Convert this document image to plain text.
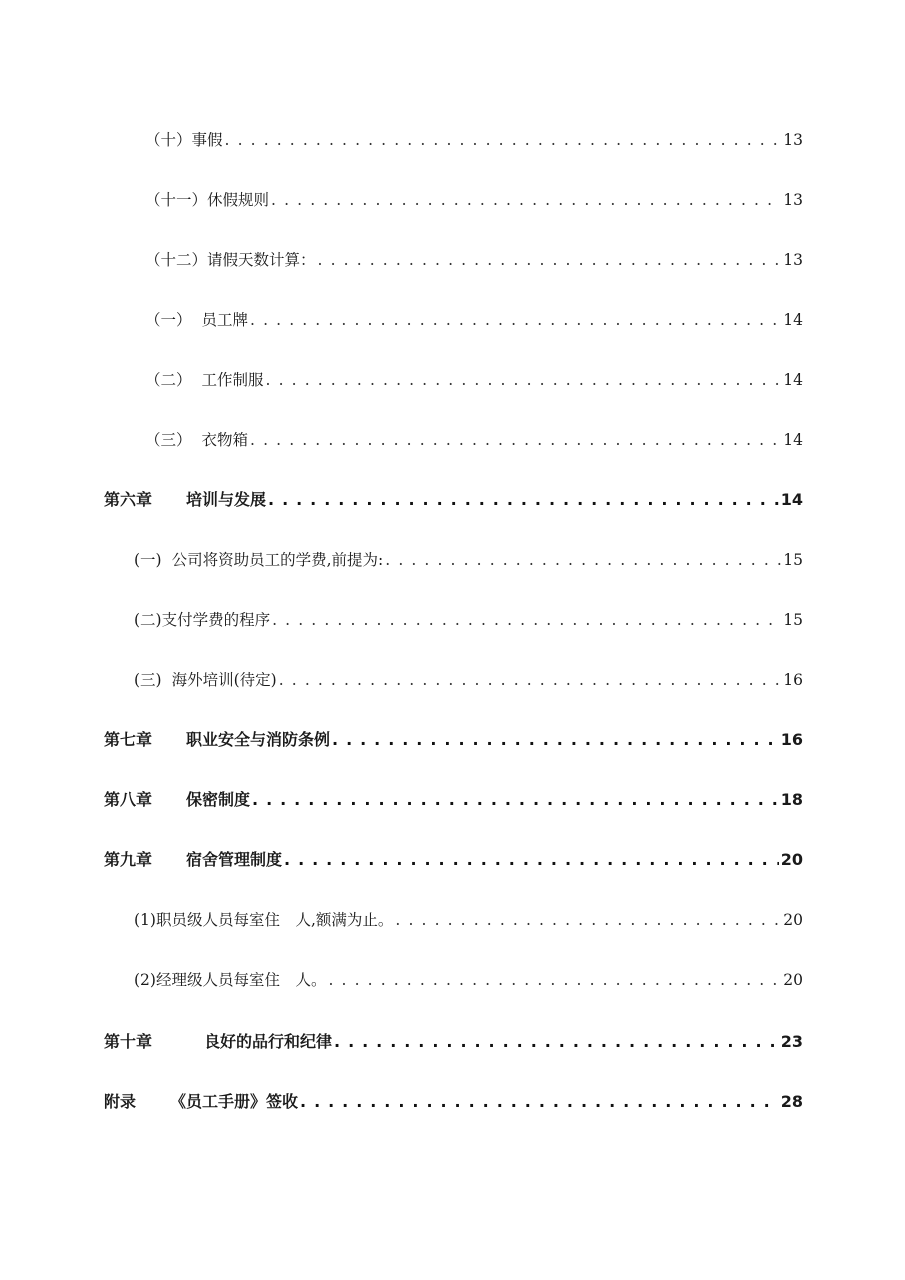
（十） 事假 . . .	13
（十一） 休假规则 . . .	13
（十二） 请假天数计算： . . .	13
（一） 员工牌 . . .	14
（二） 工作制服 . . .	14
（三） 衣物箱 . . .	14
第六章	培训与发展 . . .	14
(一) 公司将资助员工的学费,前提为: . . .	15
(二) 支付学费的程序 . . .	15
(三) 海外培训(待定) . . .	16
第七章	职业安全与消防条例 . . .	16
第八章	保密制度 . . .	18
第九章	宿舍管理制度 . . .	20
(1) 职员级人员每室住　人,额满为止。 . . .	20
(2) 经理级人员每室住　人。 . . .	20
第十章	良好的品行和纪律 . . .	23
附录	《员工手册》签收 . . .	28
